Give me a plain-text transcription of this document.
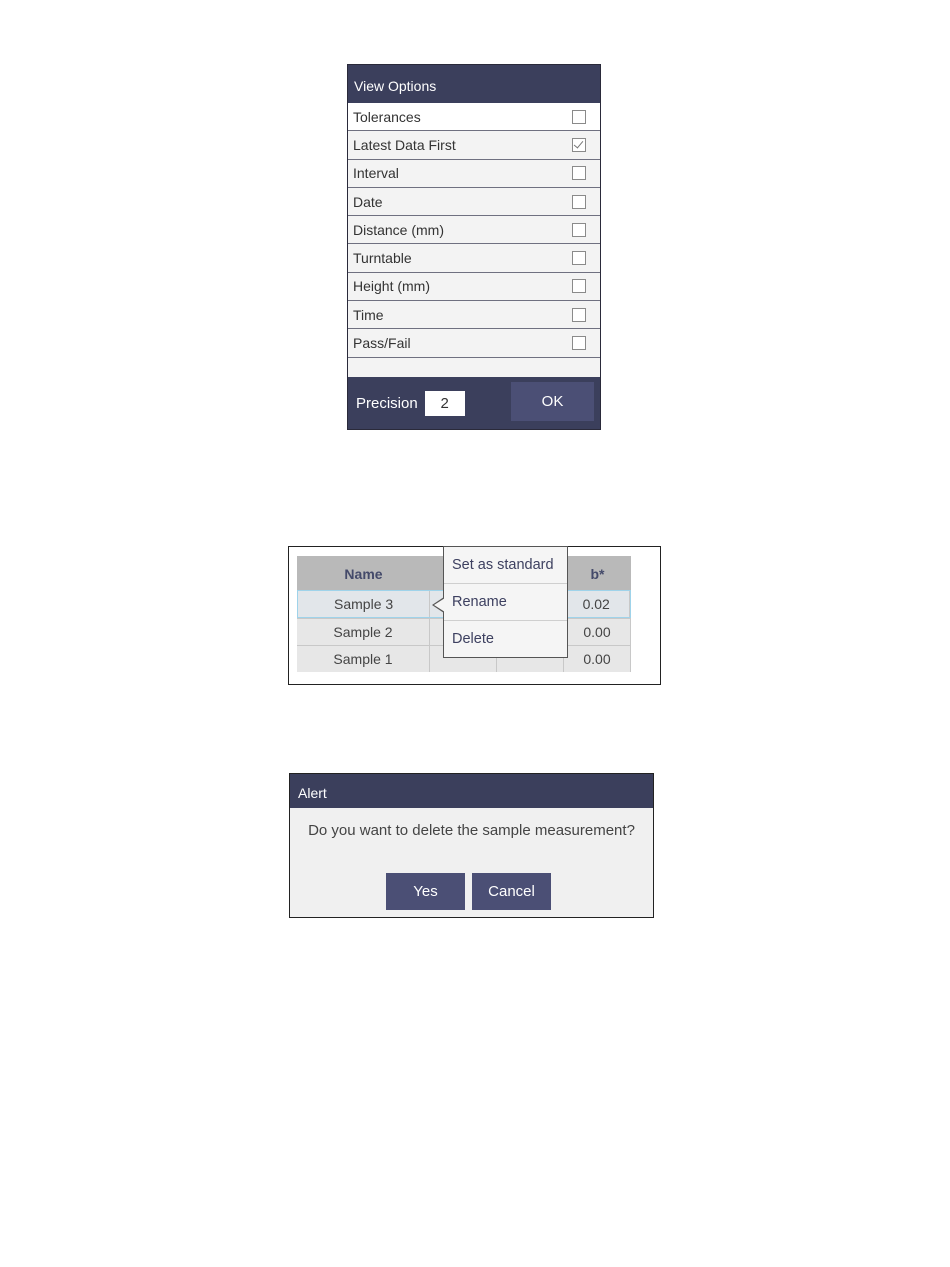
View Options
Tolerances
Latest Data First
Interval
Date
Distance (mm)
Turntable
Height (mm)
Time
Pass/Fail
Precision	2	OK
Name	b*
Sample 3	0.02
Sample 2	0.00
Sample 1	0.00
Set as standard
Rename
Delete
Alert
Do you want to delete the sample measurement?
Yes	Cancel
